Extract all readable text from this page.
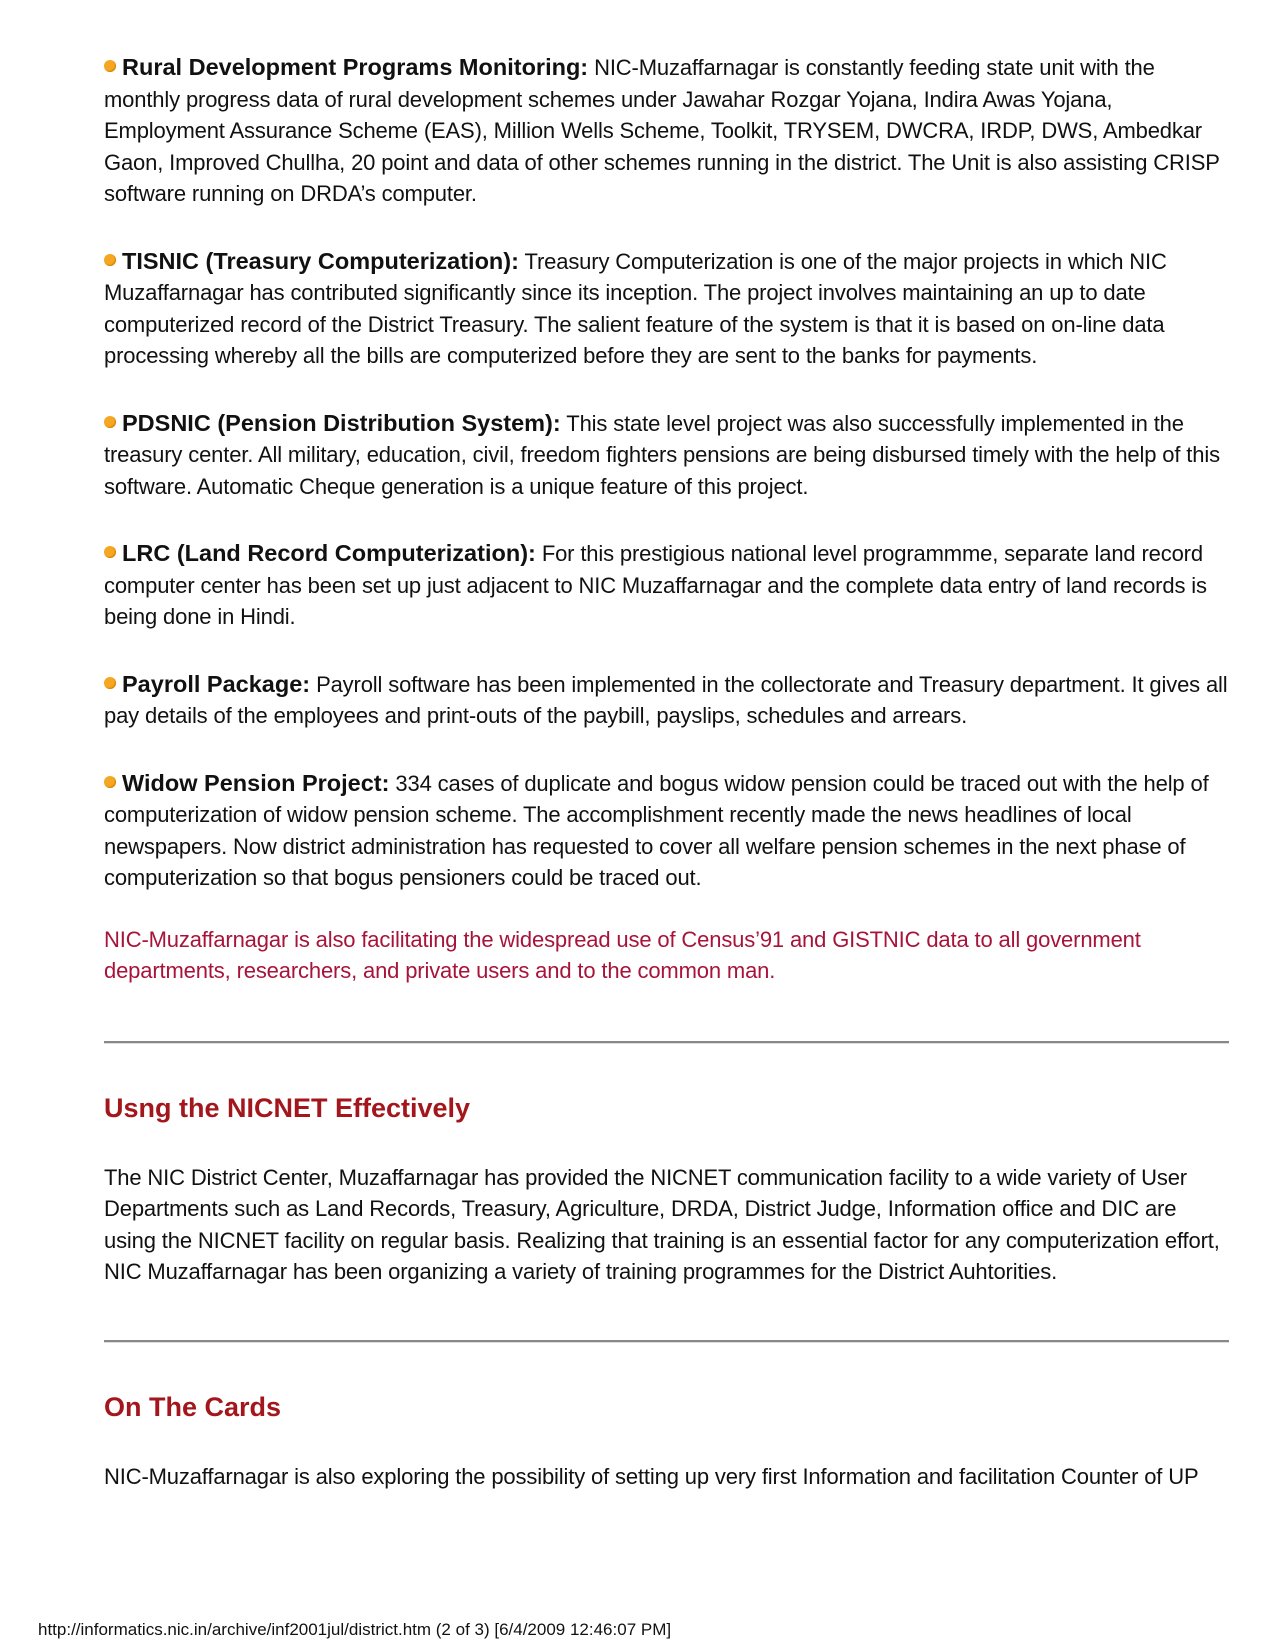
Rural Development Programs Monitoring: NIC-Muzaffarnagar is constantly feeding state unit with the monthly progress data of rural development schemes under Jawahar Rozgar Yojana, Indira Awas Yojana, Employment Assurance Scheme (EAS), Million Wells Scheme, Toolkit, TRYSEM, DWCRA, IRDP, DWS, Ambedkar Gaon, Improved Chullha, 20 point and data of other schemes running in the district. The Unit is also assisting CRISP software running on DRDA’s computer.
TISNIC (Treasury Computerization): Treasury Computerization is one of the major projects in which NIC Muzaffarnagar has contributed significantly since its inception. The project involves maintaining an up to date computerized record of the District Treasury. The salient feature of the system is that it is based on on-line data processing whereby all the bills are computerized before they are sent to the banks for payments.
PDSNIC (Pension Distribution System): This state level project was also successfully implemented in the treasury center. All military, education, civil, freedom fighters pensions are being disbursed timely with the help of this software. Automatic Cheque generation is a unique feature of this project.
LRC (Land Record Computerization): For this prestigious national level programmme, separate land record computer center has been set up just adjacent to NIC Muzaffarnagar and the complete data entry of land records is being done in Hindi.
Payroll Package: Payroll software has been implemented in the collectorate and Treasury department. It gives all pay details of the employees and print-outs of the paybill, payslips, schedules and arrears.
Widow Pension Project: 334 cases of duplicate and bogus widow pension could be traced out with the help of computerization of widow pension scheme. The accomplishment recently made the news headlines of local newspapers. Now district administration has requested to cover all welfare pension schemes in the next phase of computerization so that bogus pensioners could be traced out.

NIC-Muzaffarnagar is also facilitating the widespread use of Census’91 and GISTNIC data to all government departments, researchers, and private users and to the common man.

Usng the NICNET Effectively

The NIC District Center, Muzaffarnagar has provided the NICNET communication facility to a wide variety of User Departments such as Land Records, Treasury, Agriculture, DRDA, District Judge, Information office and DIC are using the NICNET facility on regular basis. Realizing that training is an essential factor for any computerization effort, NIC Muzaffarnagar has been organizing a variety of training programmes for the District Auhtorities.

On The Cards

NIC-Muzaffarnagar is also exploring the possibility of setting up very first Information and facilitation Counter of UP

http://informatics.nic.in/archive/inf2001jul/district.htm (2 of 3) [6/4/2009 12:46:07 PM]
